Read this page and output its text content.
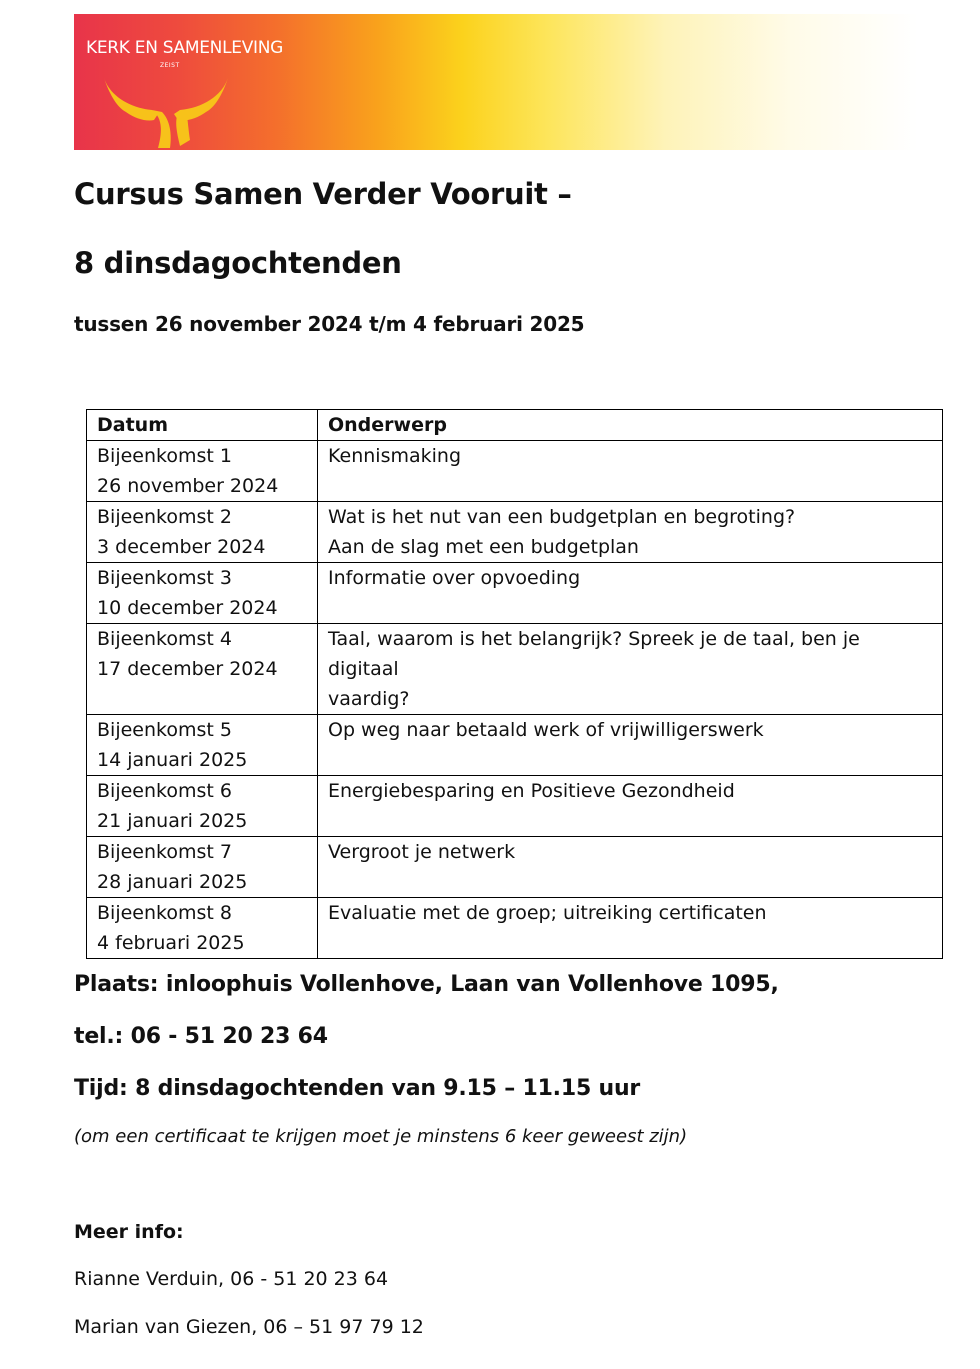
KERK EN SAMENLEVING
ZEIST
Cursus Samen Verder Vooruit –
8 dinsdagochtenden

tussen 26 november 2024 t/m 4 februari 2025

Datum	Onderwerp

Bijeenkomst 1
26 november 2024	Kennismaking

Bijeenkomst 2
3 december 2024	Wat is het nut van een budgetplan en begroting?
Aan de slag met een budgetplan

Bijeenkomst 3
10 december 2024	Informatie over opvoeding

Bijeenkomst 4
17 december 2024	Taal, waarom is het belangrijk? Spreek je de taal, ben je digitaal
vaardig?

Bijeenkomst 5
14 januari 2025	Op weg naar betaald werk of vrijwilligerswerk

Bijeenkomst 6
21 januari 2025	Energiebesparing en Positieve Gezondheid

Bijeenkomst 7
28 januari 2025	Vergroot je netwerk

Bijeenkomst 8
4 februari 2025	Evaluatie met de groep; uitreiking certificaten

Plaats: inloophuis Vollenhove, Laan van Vollenhove 1095,

tel.: 06 - 51 20 23 64

Tijd: 8 dinsdagochtenden van 9.15 – 11.15 uur

(om een certificaat te krijgen moet je minstens 6 keer geweest zijn)

Meer info:

Rianne Verduin, 06 - 51 20 23 64

Marian van Giezen, 06 – 51 97 79 12
